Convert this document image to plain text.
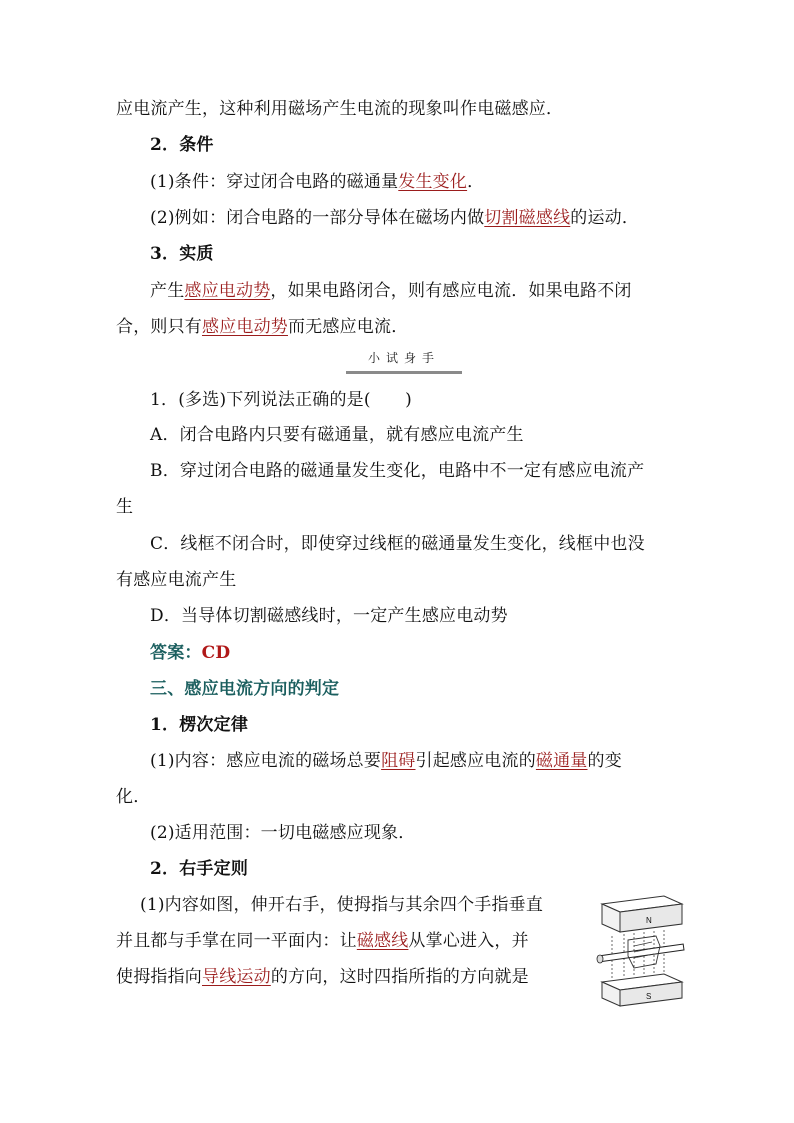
应电流产生，这种利用磁场产生电流的现象叫作电磁感应．
2．条件
(1)条件：穿过闭合电路的磁通量发生变化．
(2)例如：闭合电路的一部分导体在磁场内做切割磁感线的运动．
3．实质
产生感应电动势，如果电路闭合，则有感应电流．如果电路不闭
合，则只有感应电动势而无感应电流．
小试身手
1．(多选)下列说法正确的是(　　)
A．闭合电路内只要有磁通量，就有感应电流产生
B．穿过闭合电路的磁通量发生变化，电路中不一定有感应电流产
生
C．线框不闭合时，即使穿过线框的磁通量发生变化，线框中也没
有感应电流产生
D．当导体切割磁感线时，一定产生感应电动势
答案：CD
三、感应电流方向的判定
1．楞次定律
(1)内容：感应电流的磁场总要阻碍引起感应电流的磁通量的变
化．
(2)适用范围：一切电磁感应现象．
2．右手定则
(1)内容如图，伸开右手，使拇指与其余四个手指垂直
并且都与手掌在同一平面内：让磁感线从掌心进入，并
使拇指指向导线运动的方向，这时四指所指的方向就是
N
S
